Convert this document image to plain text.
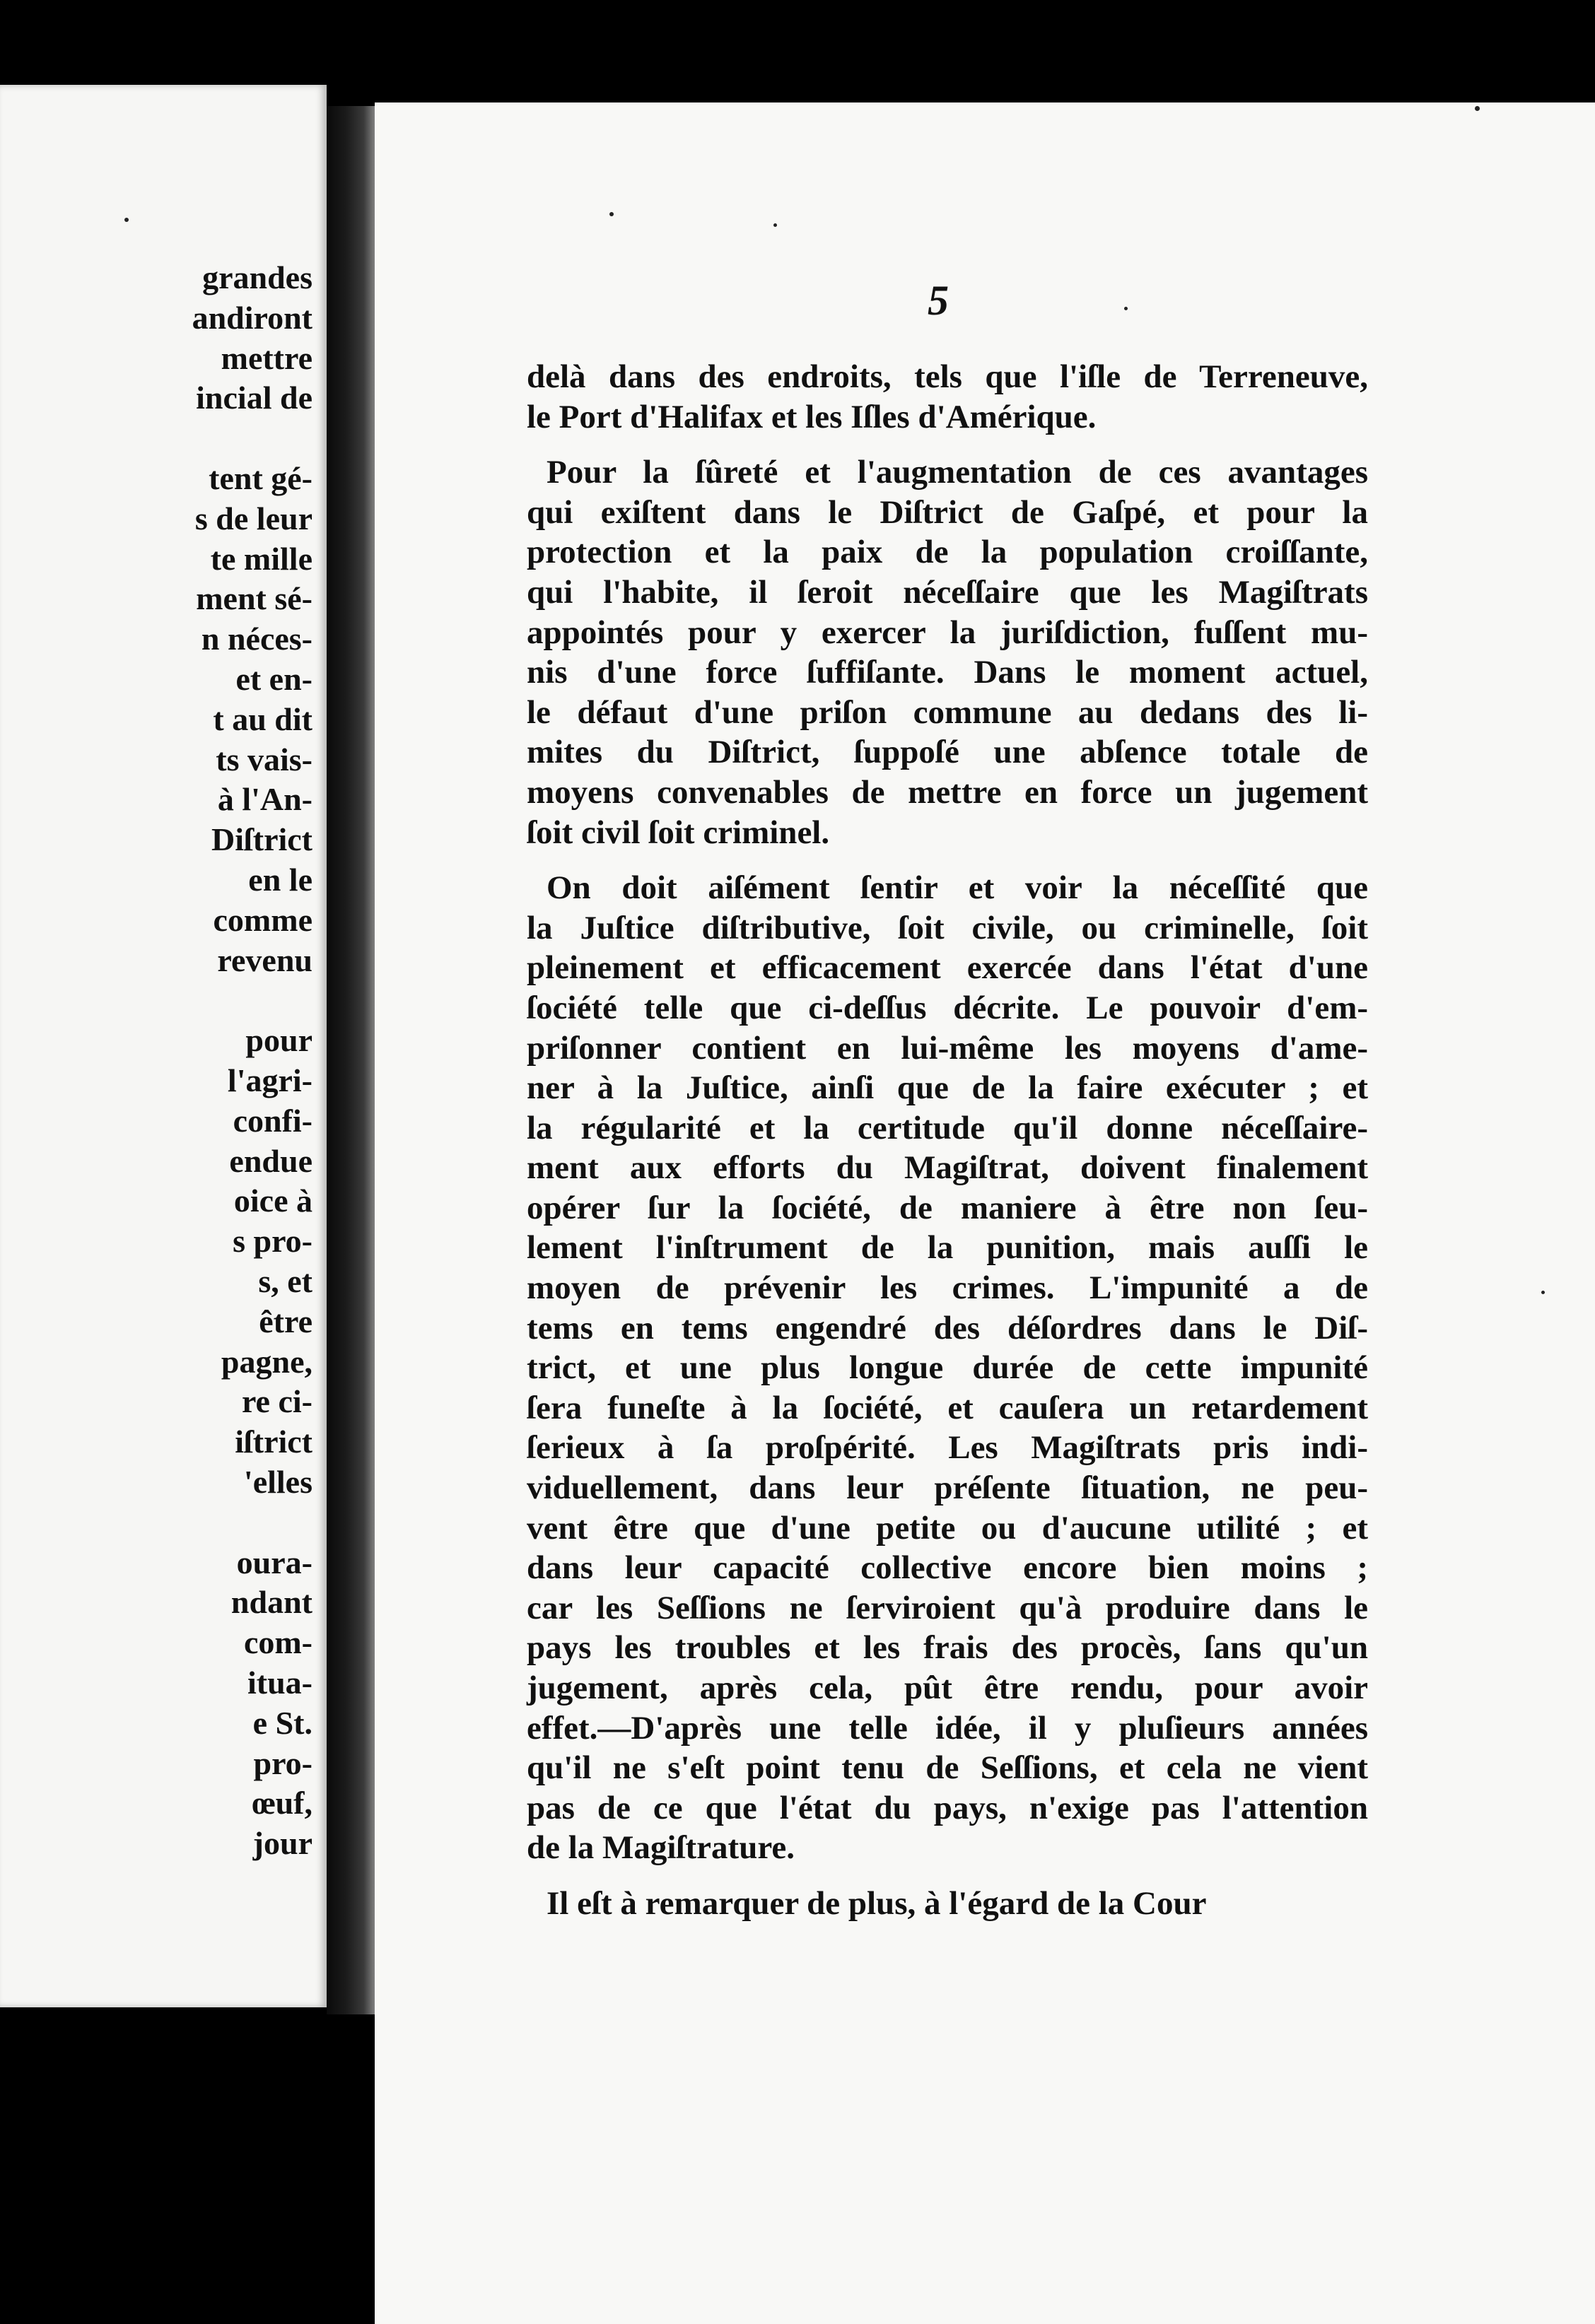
grandes
andiront
mettre
incial de
tent gé-
s de leur
te mille
ment sé-
n néces-
et en-
t au dit
ts vais-
à l'An-
Diſtrict
en le
comme
revenu
pour
l'agri-
confi-
endue
oice à
s pro-
s, et
être
pagne,
re ci-
iſtrict
'elles
oura-
ndant
com-
itua-
e St.
pro-
œuf,
jour
5
delà dans des endroits, tels que l'iſle de Terreneuve,
le Port d'Halifax et les Iſles d'Amérique.
Pour la ſûreté et l'augmentation de ces avantages
qui exiſtent dans le Diſtrict de Gaſpé, et pour la
protection et la paix de la population croiſſante,
qui l'habite, il ſeroit néceſſaire que les Magiſtrats
appointés pour y exercer la juriſdiction, fuſſent mu-
nis d'une force ſuffiſante. Dans le moment actuel,
le défaut d'une priſon commune au dedans des li-
mites du Diſtrict, ſuppoſé une abſence totale de
moyens convenables de mettre en force un jugement
ſoit civil ſoit criminel.
On doit aiſément ſentir et voir la néceſſité que
la Juſtice diſtributive, ſoit civile, ou criminelle, ſoit
pleinement et efficacement exercée dans l'état d'une
ſociété telle que ci-deſſus décrite. Le pouvoir d'em-
priſonner contient en lui-même les moyens d'ame-
ner à la Juſtice, ainſi que de la faire exécuter ; et
la régularité et la certitude qu'il donne néceſſaire-
ment aux efforts du Magiſtrat, doivent finalement
opérer ſur la ſociété, de maniere à être non ſeu-
lement l'inſtrument de la punition, mais auſſi le
moyen de prévenir les crimes. L'impunité a de
tems en tems engendré des déſordres dans le Diſ-
trict, et une plus longue durée de cette impunité
ſera funeſte à la ſociété, et cauſera un retardement
ſerieux à ſa proſpérité. Les Magiſtrats pris indi-
viduellement, dans leur préſente ſituation, ne peu-
vent être que d'une petite ou d'aucune utilité ; et
dans leur capacité collective encore bien moins ;
car les Seſſions ne ſerviroient qu'à produire dans le
pays les troubles et les frais des procès, ſans qu'un
jugement, après cela, pût être rendu, pour avoir
effet.—D'après une telle idée, il y pluſieurs années
qu'il ne s'eſt point tenu de Seſſions, et cela ne vient
pas de ce que l'état du pays, n'exige pas l'attention
de la Magiſtrature.
Il eſt à remarquer de plus, à l'égard de la Cour
